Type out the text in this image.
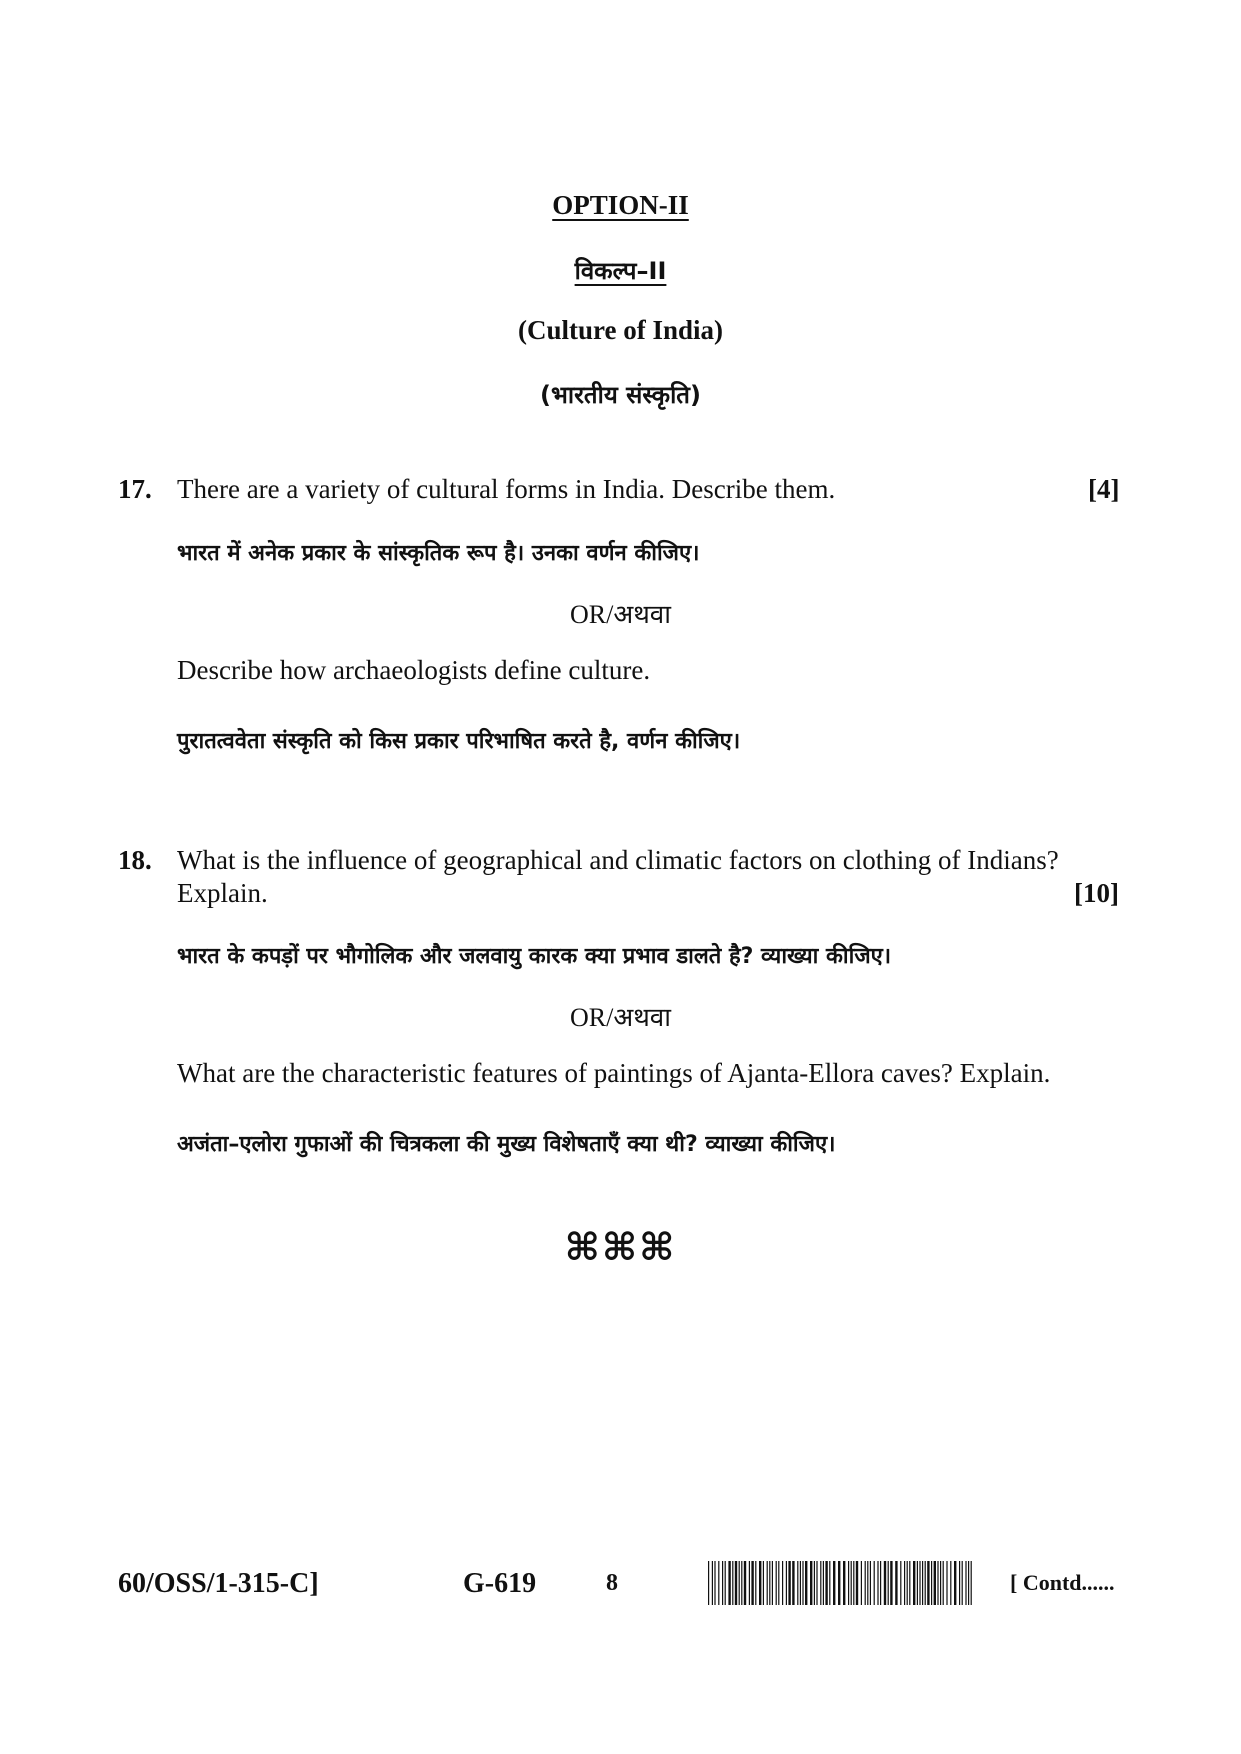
OPTION-II
विकल्प–II
(Culture of India)
(भारतीय संस्कृति)
17. There are a variety of cultural forms in India. Describe them.	[4]
भारत में अनेक प्रकार के सांस्कृतिक रूप है। उनका वर्णन कीजिए।
OR/अथवा
Describe how archaeologists define culture.
पुरातत्ववेता संस्कृति को किस प्रकार परिभाषित करते है, वर्णन कीजिए।
18. What is the influence of geographical and climatic factors on clothing of Indians?
Explain.	[10]
भारत के कपड़ों पर भौगोलिक और जलवायु कारक क्या प्रभाव डालते है? व्याख्या कीजिए।
OR/अथवा
What are the characteristic features of paintings of Ajanta-Ellora caves? Explain.
अजंता–एलोरा गुफाओं की चित्रकला की मुख्य विशेषताएँ क्या थी? व्याख्या कीजिए।
⌘⌘⌘
60/OSS/1-315-C]	G-619	8	[ Contd......
